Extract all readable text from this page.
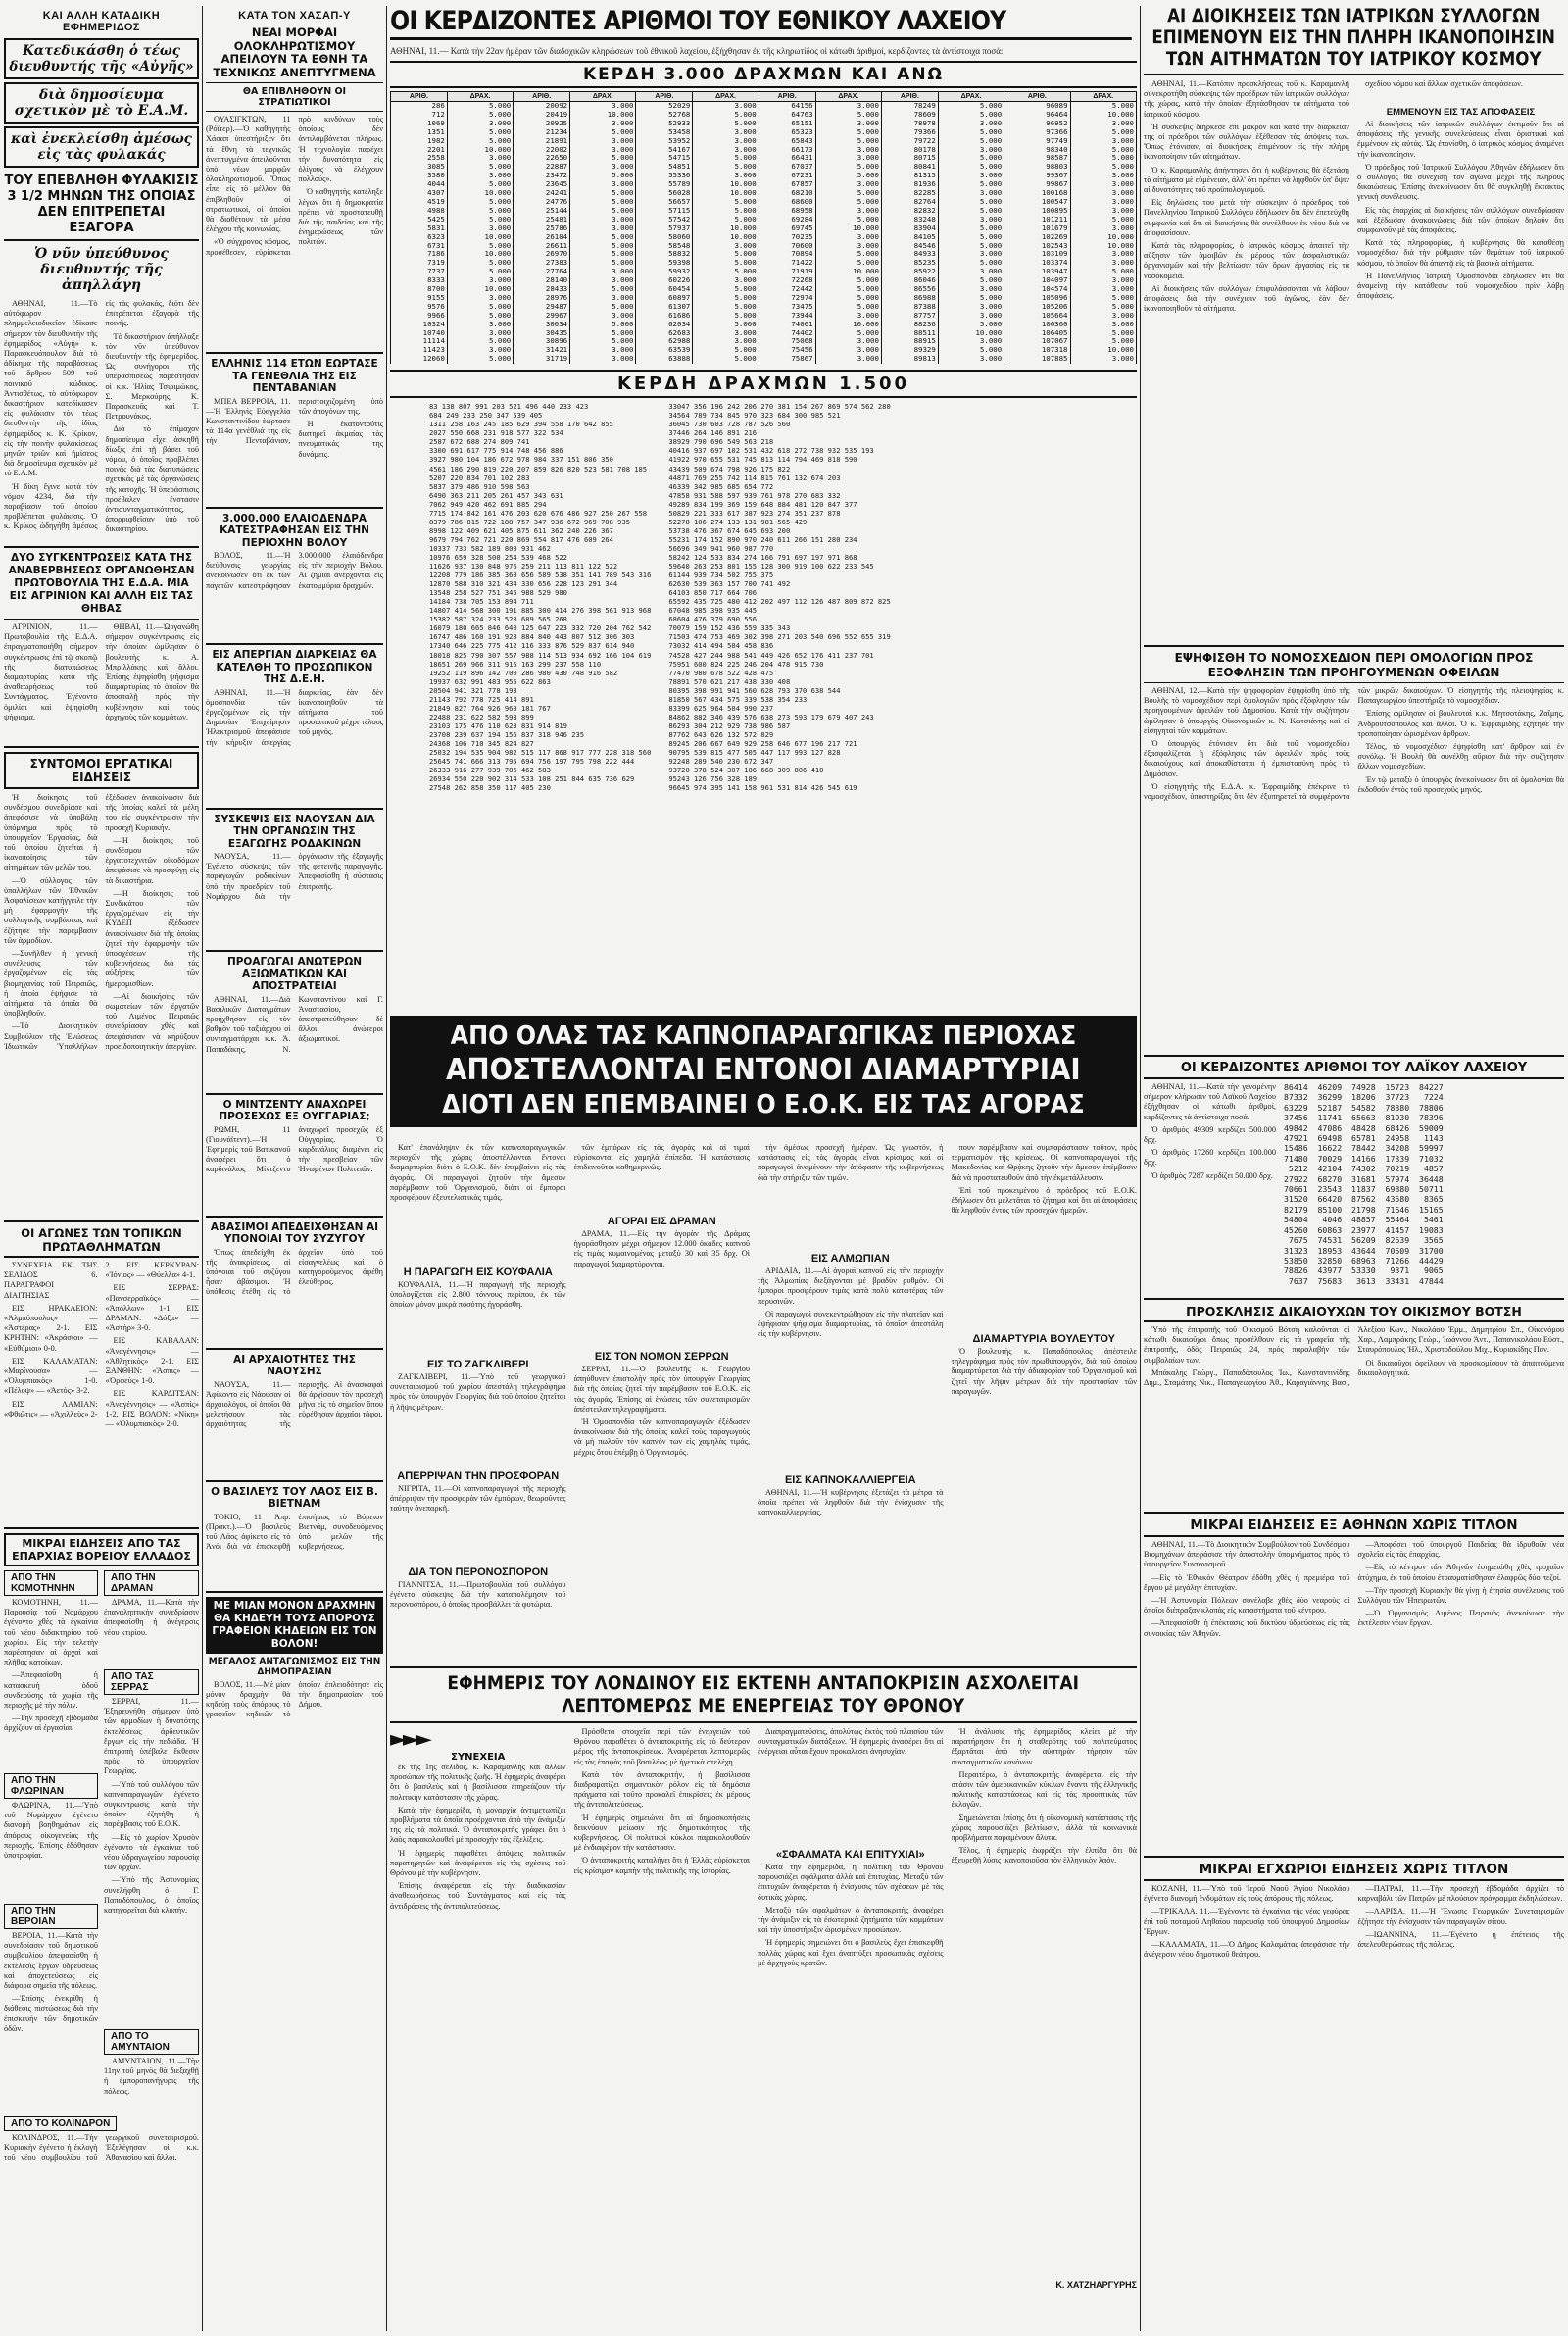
ΚΑΙ ΑΛΛΗ ΚΑΤΑΔΙΚΗ ΕΦΗΜΕΡΙΔΟΣ
Κατεδικάσθη ὁ τέως διευθυντής τῆς «Αὐγῆς»
διὰ δημοσίευμα σχετικὸν μὲ τὸ Ε.Α.Μ.
καὶ ἐνεκλείσθη ἀμέσως εἰς τὰς φυλακάς
ΤΟΥ ΕΠΕΒΛΗΘΗ ΦΥΛΑΚΙΣΙΣ 3 1/2 ΜΗΝΩΝ ΤΗΣ ΟΠΟΙΑΣ ΔΕΝ ΕΠΙΤΡΕΠΕΤΑΙ ΕΞΑΓΟΡΑ
Ὁ νῦν ὑπεύθυνος διευθυντής τῆς ἀπηλλάγη

ΑΘΗΝΑΙ, 11.—Τὸ αὐτόφωρον πλημμελειοδικεῖον ἐδίκασε σήμερον τὸν διευθυντὴν τῆς ἐφημερίδος «Αὐγή» κ. Παρασκευόπουλον διὰ τὸ ἀδίκημα τῆς παραβάσεως τοῦ ἄρθρου 509 τοῦ ποινικοῦ κώδικος. Ἀντισθέτως, τὸ αὐτόφωρον δικαστήριον κατεδίκασεν εἰς φυλάκισιν τὸν τέως διευθυντὴν τῆς ἰδίας ἐφημερίδος κ. Κ. Κρίκον, εἰς τὴν ποινὴν φυλακίσεως μηνῶν τριῶν καὶ ἡμίσεος διὰ δημοσίευμα σχετικὸν μὲ τὸ Ε.Α.Μ.

Ἡ δίκη ἔγινε κατὰ τὸν νόμον 4234, διὰ τὴν παραβίασιν τοῦ ὁποίου προβλέπεται φυλάκισις. Ὁ κ. Κρίκος ὡδηγήθη ἀμέσως εἰς τὰς φυλακάς, διότι δὲν ἐπιτρέπεται ἐξαγορὰ τῆς ποινῆς.

Τὸ δικαστήριον ἀπήλλαξε τὸν νῦν ὑπεύθυνον διευθυντὴν τῆς ἐφημερίδος. Ὡς συνήγοροι τῆς ὑπερασπίσεως παρέστησαν οἱ κ.κ. Ἠλίας Τσιριμώκος, Σ. Μερκούρης, Κ. Παρασκευᾶς καὶ Τ. Πετρουνάκος.

Διὰ τὸ ἐπίμαχον δημοσίευμα εἶχε ἀσκηθῆ δίωξις ἐπὶ τῇ βάσει τοῦ νόμου, ὁ ὁποῖος προβλέπει ποινὰς διὰ τὰς διατυπώσεις σχετικὰς μὲ τὰς ὀργανώσεις τῆς κατοχῆς. Ἡ ὑπεράσπισις προέβαλεν ἔνστασιν ἀντισυνταγματικότητος, ἀπορριφθεῖσαν ὑπὸ τοῦ δικαστηρίου.

ΔΥΟ ΣΥΓΚΕΝΤΡΩΣΕΙΣ ΚΑΤΑ ΤΗΣ ΑΝΑΒΕΡΒΗΣΕΩΣ ΟΡΓΑΝΩΘΗΣΑΝ ΠΡΩΤΟΒΟΥΛΙΑ ΤΗΣ Ε.Δ.Α. ΜΙΑ ΕΙΣ ΑΓΡΙΝΙΟΝ ΚΑΙ ΑΛΛΗ ΕΙΣ ΤΑΣ ΘΗΒΑΣ

ΑΓΡΙΝΙΟΝ, 11.—Πρωτοβουλία τῆς Ε.Δ.Α. ἐπραγματοποιήθη σήμερον συγκέντρωσις ἐπὶ τῷ σκοπῷ τῆς διατυπώσεως διαμαρτυρίας κατὰ τῆς ἀναθεωρήσεως τοῦ Συντάγματος. Ἐγένοντο ὁμιλίαι καὶ ἐψηφίσθη ψήφισμα.

ΘΗΒΑΙ, 11.—Ὠργανώθη σήμερον συγκέντρωσις εἰς τὴν ὁποίαν ὡμίλησαν ὁ βουλευτὴς κ. Α. Μπριλλάκης καὶ ἄλλοι. Ἐπίσης ἐψηφίσθη ψήφισμα διαμαρτυρίας τὸ ὁποῖον θὰ ἀποσταλῇ πρὸς τὴν κυβέρνησιν καὶ τοὺς ἀρχηγοὺς τῶν κομμάτων.

ΣΥΝΤΟΜΟΙ ΕΡΓΑΤΙΚΑΙ ΕΙΔΗΣΕΙΣ

Ἡ διοίκησις τοῦ συνδέσμου συνεδρίασε καὶ ἀπεφάσισε νὰ ὑποβάλῃ ὑπόμνημα πρὸς τὸ ὑπουργεῖον Ἐργασίας, διὰ τοῦ ὁποίου ζητεῖται ἡ ἱκανοποίησις τῶν αἰτημάτων τῶν μελῶν του.

—Ὁ σύλλογος τῶν ὑπαλλήλων τῶν Ἐθνικῶν Ἀσφαλίσεων κατήγγειλε τὴν μὴ ἐφαρμογὴν τῆς συλλογικῆς συμβάσεως καὶ ἐζήτησε τὴν παρέμβασιν τῶν ἁρμοδίων.

—Συνῆλθεν ἡ γενικὴ συνέλευσις τῶν ἐργαζομένων εἰς τὰς βιομηχανίας τοῦ Πειραιῶς, ἡ ὁποία ἐψήφισε τὰ αἰτήματα τὰ ὁποῖα θὰ ὑποβληθοῦν.

—Τὸ Διοικητικὸν Συμβούλιον τῆς Ἑνώσεως Ἰδιωτικῶν Ὑπαλλήλων ἐξέδωσεν ἀνακοίνωσιν διὰ τῆς ὁποίας καλεῖ τὰ μέλη του εἰς συγκέντρωσιν τὴν προσεχῆ Κυριακήν.

—Ἡ διοίκησις τοῦ συνδέσμου τῶν ἐργατοτεχνιτῶν οἰκοδόμων ἀπεφάσισε νὰ προσφύγῃ εἰς τὰ δικαστήρια.

—Ἡ διοίκησις τοῦ Συνδικάτου τῶν ἐργαζομένων εἰς τὴν ΚΥΔΕΠ ἐξέδωσεν ἀνακοίνωσιν διὰ τῆς ὁποίας ζητεῖ τὴν ἐφαρμογὴν τῶν ὑποσχέσεων τῆς κυβερνήσεως διὰ τὰς αὐξήσεις τῶν ἡμερομισθίων.

—Αἱ διοικήσεις τῶν σωματείων τῶν ἐργατῶν τοῦ Λιμένος Πειραιῶς συνεδρίασαν χθὲς καὶ ἀπεφάσισαν νὰ κηρύξουν προειδοποιητικὴν ἀπεργίαν.

ΟΙ ΑΓΩΝΕΣ ΤΩΝ ΤΟΠΙΚΩΝ ΠΡΩΤΑΘΛΗΜΑΤΩΝ

ΣΥΝΕΧΕΙΑ ΕΚ ΤΗΣ ΣΕΛΙΔΟΣ 6. ΠΑΡΑΓΡΑΦΟΙ ΔΙΑΙΤΗΣΙΑΣ

ΕΙΣ ΗΡΑΚΛΕΙΟΝ: «Ἀλμπόπουλος» — «Ἀστέρας» 2-1. ΕΙΣ ΚΡΗΤΗΝ: «Ἀκράσιοι» — «Εὐθύμιοι» 0-0.

ΕΙΣ ΚΑΛΑΜΑΤΑΝ: «Μαρίνουσα» — «Ὀλυμπιακὸς» 1-0. «Πέλοψ» — «Ἀετός» 3-2.

ΕΙΣ ΛΑΜΙΑΝ: «Φθιῶτις» — «Ἀχιλλεὺς» 2-2. ΕΙΣ ΚΕΡΚΥΡΑΝ: «Ἰόνιος» — «Θύελλα» 4-1.

ΕΙΣ ΣΕΡΡΑΣ: «Πανσερραϊκὸς» — «Ἀπόλλων» 1-1. ΕΙΣ ΔΡΑΜΑΝ: «Δόξα» — «Ἀστὴρ» 3-0.

ΕΙΣ ΚΑΒΑΛΑΝ: «Ἀναγέννησις» — «Ἀθλητικὸς» 2-1. ΕΙΣ ΞΑΝΘΗΝ: «Ἄσπις» — «Ὀρφεὺς» 1-0.

ΕΙΣ ΚΑΡΔΙΤΣΑΝ: «Ἀναγέννησις» — «Ἀσπίς» 1-2. ΕΙΣ ΒΟΛΟΝ: «Νίκη» — «Ὀλυμπιακὸς» 2-0.

ΜΙΚΡΑΙ ΕΙΔΗΣΕΙΣ ΑΠΟ ΤΑΣ ΕΠΑΡΧΙΑΣ ΒΟΡΕΙΟΥ ΕΛΛΑΔΟΣ
ΑΠΟ ΤΗΝ ΚΟΜΟΤΗΝΗΝ

ΚΟΜΟΤΗΝΗ, 11.—Παρουσίᾳ τοῦ Νομάρχου ἐγένοντο χθὲς τὰ ἐγκαίνια τοῦ νέου διδακτηρίου τοῦ χωρίου. Εἰς τὴν τελετὴν παρέστησαν αἱ ἀρχαὶ καὶ πλῆθος κατοίκων.

—Ἀπεφασίσθη ἡ κατασκευὴ ὁδοῦ συνδεούσης τὰ χωρία τῆς περιοχῆς μὲ τὴν πόλιν.

—Τὴν προσεχῆ ἑβδομάδα ἀρχίζουν αἱ ἐργασίαι.

ΑΠΟ ΤΗΝ ΦΛΩΡΙΝΑΝ

ΦΛΩΡΙΝΑ, 11.—Ὑπὸ τοῦ Νομάρχου ἐγένετο διανομὴ βοηθημάτων εἰς ἀπόρους οἰκογενείας τῆς περιοχῆς. Ἐπίσης ἐδόθησαν ὑποτροφίαι.

ΑΠΟ ΤΗΝ ΒΕΡΟΙΑΝ

ΒΕΡΟΙΑ, 11.—Κατὰ τὴν συνεδρίασιν τοῦ δημοτικοῦ συμβουλίου ἀπεφασίσθη ἡ ἐκτέλεσις ἔργων ὑδρεύσεως καὶ ἀποχετεύσεως εἰς διάφορα σημεῖα τῆς πόλεως.

—Ἐπίσης ἐνεκρίθη ἡ διάθεσις πιστώσεως διὰ τὴν ἐπισκευὴν τῶν δημοτικῶν ὁδῶν.

ΑΠΟ ΤΗΝ ΔΡΑΜΑΝ

ΔΡΑΜΑ, 11.—Κατὰ τὴν ἐπαναληπτικὴν συνεδρίασιν ἀπεφασίσθη ἡ ἀνέγερσις νέου κτιρίου.

ΑΠΟ ΤΑΣ ΣΕΡΡΑΣ

ΣΕΡΡΑΙ, 11.—Ἐξηρευνήθη σήμερον ὑπὸ τῶν ἁρμοδίων ἡ δυνατότης ἐκτελέσεως ἀρδευτικῶν ἔργων εἰς τὴν πεδιάδα. Ἡ ἐπιτροπὴ ὑπέβαλε ἔκθεσιν πρὸς τὸ ὑπουργεῖον Γεωργίας.

—Ὑπὸ τοῦ συλλόγου τῶν καπνοπαραγωγῶν ἐγένετο συγκέντρωσις κατὰ τὴν ὁποίαν ἐζητήθη ἡ παρέμβασις τοῦ Ε.Ο.Κ.

—Εἰς τὸ χωρίον Χρυσὸν ἐγένοντο τὰ ἐγκαίνια τοῦ νέου ὑδραγωγείου παρουσίᾳ τῶν ἀρχῶν.

—Ὑπὸ τῆς Ἀστυνομίας συνελήφθη ὁ Γ. Παπαδόπουλος, ὁ ὁποῖος κατηγορεῖται διὰ κλοπήν.

ΑΠΟ ΤΟ ΑΜΥΝΤΑΙΟΝ

ΑΜΥΝΤΑΙΟΝ, 11.—Τὴν 11ην τοῦ μηνὸς θὰ διεξαχθῇ ἡ ἐμποροπανήγυρις τῆς πόλεως.

ΑΠΟ ΤΟ ΚΟΛΙΝΔΡΟΝ

ΚΟΛΙΝΔΡΟΣ, 11.—Τὴν Κυριακὴν ἐγένετο ἡ ἐκλογὴ τοῦ νέου συμβουλίου τοῦ γεωργικοῦ συνεταιρισμοῦ. Ἐξελέγησαν οἱ κ.κ. Ἀθανασίου καὶ ἄλλοι.

ΚΑΤΑ ΤΟΝ ΧΑΣΑΠ-Υ
ΝΕΑΙ ΜΟΡΦΑΙ ΟΛΟΚΛΗΡΩΤΙΣΜΟΥ ΑΠΕΙΛΟΥΝ ΤΑ ΕΘΝΗ ΤΑ ΤΕΧΝΙΚΩΣ ΑΝΕΠΤΥΓΜΕΝΑ
ΘΑ ΕΠΙΒΛΗΘΟΥΝ ΟΙ ΣΤΡΑΤΙΩΤΙΚΟΙ

ΟΥΑΣΙΓΚΤΩΝ, 11 (Ρόϊτερ).—Ὁ καθηγητὴς Χάσαπ ὑπεστήριξεν ὅτι τὰ ἔθνη τὰ τεχνικῶς ἀνεπτυγμένα ἀπειλοῦνται ὑπὸ νέων μορφῶν ὁλοκληρωτισμοῦ. Ὅπως εἶπε, εἰς τὸ μέλλον θὰ ἐπιβληθοῦν οἱ στρατιωτικοί, οἱ ὁποῖοι θὰ διαθέτουν τὰ μέσα ἐλέγχου τῆς κοινωνίας.

«Ὁ σύγχρονος κόσμος, προσέθεσεν, εὑρίσκεται πρὸ κινδύνων τοὺς ὁποίους δὲν ἀντιλαμβάνεται πλήρως. Ἡ τεχνολογία παρέχει τὴν δυνατότητα εἰς ὀλίγους νὰ ἐλέγχουν πολλούς».

Ὁ καθηγητὴς κατέληξε λέγων ὅτι ἡ δημοκρατία πρέπει νὰ προστατευθῇ διὰ τῆς παιδείας καὶ τῆς ἐνημερώσεως τῶν πολιτῶν.

ΕΛΛΗΝΙΣ 114 ΕΤΩΝ ΕΩΡΤΑΣΕ ΤΑ ΓΕΝΕΘΛΙΑ ΤΗΣ ΕΙΣ ΠΕΝΤΑΒΑΝΙΑΝ

ΜΠΕΑ ΒΕΡΡΟΙΑ, 11.—Ἡ Ἑλληνὶς Εὐαγγελία Κωνσταντινίδου ἑώρτασε τὰ 114α γενέθλιά της εἰς τὴν Πενταβάνιαν, περιστοιχιζομένη ὑπὸ τῶν ἀπογόνων της.

Ἡ ἑκατοντούτις διατηρεῖ ἀκμαίας τὰς πνευματικάς της δυνάμεις.

3.000.000 ΕΛΑΙΟΔΕΝΔΡΑ ΚΑΤΕΣΤΡΑΦΗΣΑΝ ΕΙΣ ΤΗΝ ΠΕΡΙΟΧΗΝ ΒΟΛΟΥ

ΒΟΛΟΣ, 11.—Ἡ διεύθυνσις γεωργίας ἀνεκοίνωσεν ὅτι ἐκ τῶν παγετῶν κατεστράφησαν 3.000.000 ἐλαιόδενδρα εἰς τὴν περιοχὴν Βόλου. Αἱ ζημίαι ἀνέρχονται εἰς ἑκατομμύρια δραχμῶν.

ΕΙΣ ΑΠΕΡΓΙΑΝ ΔΙΑΡΚΕΙΑΣ ΘΑ ΚΑΤΕΛΘΗ ΤΟ ΠΡΟΣΩΠΙΚΟΝ ΤΗΣ Δ.Ε.Η.

ΑΘΗΝΑΙ, 11.—Ἡ ὁμοσπονδία τῶν ἐργαζομένων εἰς τὴν Δημοσίαν Ἐπιχείρησιν Ἠλεκτρισμοῦ ἀπεφάσισε τὴν κήρυξιν ἀπεργίας διαρκείας, ἐὰν δὲν ἱκανοποιηθοῦν τὰ αἰτήματα τοῦ προσωπικοῦ μέχρι τέλους τοῦ μηνός.

ΣΥΣΚΕΨΙΣ ΕΙΣ ΝΑΟΥΣΑΝ ΔΙΑ ΤΗΝ ΟΡΓΑΝΩΣΙΝ ΤΗΣ ΕΞΑΓΩΓΗΣ ΡΟΔΑΚΙΝΩΝ

ΝΑΟΥΣΑ, 11.—Ἐγένετο σύσκεψις τῶν παραγωγῶν ροδακίνων ὑπὸ τὴν προεδρίαν τοῦ Νομάρχου διὰ τὴν ὀργάνωσιν τῆς ἐξαγωγῆς τῆς φετεινῆς παραγωγῆς. Ἀπεφασίσθη ἡ σύστασις ἐπιτροπῆς.

ΠΡΟΑΓΩΓΑΙ ΑΝΩΤΕΡΩΝ ΑΞΙΩΜΑΤΙΚΩΝ ΚΑΙ ΑΠΟΣΤΡΑΤΕΙΑΙ

ΑΘΗΝΑΙ, 11.—Διὰ Βασιλικῶν Διαταγμάτων προήχθησαν εἰς τὸν βαθμὸν τοῦ ταξιάρχου οἱ συνταγματάρχαι κ.κ. Ἀ. Παπαδάκης, Ν. Κωνσταντίνου καὶ Γ. Ἀναστασίου, ἀπεστρατεύθησαν δὲ ἄλλοι ἀνώτεροι ἀξιωματικοί.

Ο ΜΙΝΤΖΕΝΤΥ ΑΝΑΧΩΡΕΙ ΠΡΟΣΕΧΩΣ ΕΞ ΟΥΓΓΑΡΙΑΣ;

ΡΩΜΗ, 11 (Γιουνάϊτεντ).—Ἡ Ἐφημερὶς τοῦ Βατικανοῦ ἀναφέρει ὅτι ὁ καρδινάλιος Μίντζεντυ ἀναχωρεῖ προσεχῶς ἐξ Οὐγγαρίας. Ὁ καρδινάλιος διαμένει εἰς τὴν πρεσβείαν τῶν Ἡνωμένων Πολιτειῶν.

ΑΒΑΣΙΜΟΙ ΑΠΕΔΕΙΧΘΗΣΑΝ ΑΙ ΥΠΟΝΟΙΑΙ ΤΟΥ ΣΥΖΥΓΟΥ

Ὅπως ἀπεδείχθη ἐκ τῆς ἀνακρίσεως, αἱ ὑπόνοιαι τοῦ συζύγου ἦσαν ἀβάσιμοι. Ἡ ὑπόθεσις ἐτέθη εἰς τὸ ἀρχεῖον ὑπὸ τοῦ εἰσαγγελέως καὶ ὁ κατηγορούμενος ἀφέθη ἐλεύθερος.

ΑΙ ΑΡΧΑΙΟΤΗΤΕΣ ΤΗΣ ΝΑΟΥΣΗΣ

ΝΑΟΥΣΑ, 11.—Ἀφίκοντο εἰς Νάουσαν οἱ ἀρχαιολόγοι, οἱ ὁποῖοι θὰ μελετήσουν τὰς ἀρχαιότητας τῆς περιοχῆς. Αἱ ἀνασκαφαὶ θὰ ἀρχίσουν τὸν προσεχῆ μῆνα εἰς τὸ σημεῖον ὅπου εὑρέθησαν ἀρχαῖοι τάφοι.

Ο ΒΑΣΙΛΕΥΣ ΤΟΥ ΛΑΟΣ ΕΙΣ Β. ΒΙΕΤΝΑΜ

ΤΟΚΙΟ, 11 Ἀπρ. (Πρακτ.).—Ὁ βασιλεὺς τοῦ Λάος ἀφίκετο εἰς τὸ Ἀνόι διὰ νὰ ἐπισκεφθῇ ἐπισήμως τὸ Βόρειον Βιετνάμ, συνοδευόμενος ὑπὸ μελῶν τῆς κυβερνήσεως.

ΜΕ ΜΙΑΝ ΜΟΝΟΝ ΔΡΑΧΜΗΝ ΘΑ ΚΗΔΕΥΗ ΤΟΥΣ ΑΠΟΡΟΥΣ ΓΡΑΦΕΙΟΝ ΚΗΔΕΙΩΝ ΕΙΣ ΤΟΝ ΒΟΛΟΝ!
ΜΕΓΑΛΟΣ ΑΝΤΑΓΩΝΙΣΜΟΣ ΕΙΣ ΤΗΝ ΔΗΜΟΠΡΑΣΙΑΝ

ΒΟΛΟΣ, 11.—Μὲ μίαν μόνον δραχμὴν θὰ κηδεύῃ τοὺς ἀπόρους τὸ γραφεῖον κηδειῶν τὸ ὁποῖον ἐπλειοδότησε εἰς τὴν δημοπρασίαν τοῦ Δήμου.

ΟΙ ΚΕΡΔΙΖΟΝΤΕΣ ΑΡΙΘΜΟΙ ΤΟΥ ΕΘΝΙΚΟΥ ΛΑΧΕΙΟΥ
ΑΘΗΝΑΙ, 11.— Κατὰ τὴν 22αν ἡμέραν τῶν διαδοχικῶν κληρώσεων τοῦ ἐθνικοῦ λαχείου, ἐξήχθησαν ἐκ τῆς κληρωτίδος οἱ κάτωθι ἀριθμοί, κερδίζοντες τὰ ἀντίστοιχα ποσά:
ΚΕΡΔΗ 3.000 ΔΡΑΧΜΩΝ ΚΑΙ ΑΝΩ
ΑΡΙΘ.	ΔΡΑΧ.	ΑΡΙΘ.	ΔΡΑΧ.	ΑΡΙΘ.	ΔΡΑΧ.	ΑΡΙΘ.	ΔΡΑΧ.	ΑΡΙΘ.	ΔΡΑΧ.	ΑΡΙΘ.	ΔΡΑΧ.
286	5.000	20092	3.000	52029	3.000	64156	3.000	78249	5.000	96089	5.000
712	5.000	20419	10.000	52768	5.000	64763	5.000	78609	5.000	96464	10.000
1069	3.000	20925	3.000	52933	5.000	65151	3.000	78978	3.000	96952	3.000
1351	5.000	21234	5.000	53458	3.000	65323	5.000	79366	5.000	97366	5.000
1982	5.000	21891	3.000	53952	3.000	65843	5.000	79722	5.000	97749	3.000
2201	10.000	22002	3.000	54167	3.000	66173	3.000	80178	3.000	98340	5.000
2558	3.000	22650	5.000	54715	5.000	66431	3.000	80715	5.000	98587	5.000
3085	5.000	22887	3.000	54851	5.000	67037	5.000	80841	5.000	98803	5.000
3580	3.000	23472	5.000	55336	3.000	67231	5.000	81315	3.000	99367	3.000
4044	5.000	23645	3.000	55789	10.000	67857	3.000	81936	5.000	99867	3.000
4307	10.000	24241	5.000	56028	10.000	68210	5.000	82285	3.000	100168	3.000
4519	5.000	24776	5.000	56657	5.000	68600	5.000	82764	5.000	100547	3.000
4988	5.000	25144	5.000	57115	5.000	68958	3.000	82832	5.000	100895	3.000
5425	5.000	25481	3.000	57542	5.000	69284	5.000	83248	3.000	101211	5.000
5831	3.000	25786	3.000	57937	10.000	69745	10.000	83904	5.000	101679	3.000
6323	10.000	26104	5.000	58060	10.000	70235	3.000	84105	5.000	102269	10.000
6731	5.000	26611	5.000	58548	3.000	70600	3.000	84546	5.000	102543	10.000
7186	10.000	26970	5.000	58832	5.000	70894	5.000	84933	3.000	103109	3.000
7319	5.000	27383	5.000	59398	5.000	71422	5.000	85235	5.000	103374	3.000
7737	5.000	27764	3.000	59932	5.000	71919	10.000	85922	3.000	103947	5.000
8333	3.000	28140	3.000	60226	3.000	72268	5.000	86046	5.000	104097	3.000
8700	10.000	28433	5.000	60454	5.000	72442	5.000	86556	3.000	104574	3.000
9155	3.000	28976	3.000	60897	5.000	72974	5.000	86988	5.000	105096	5.000
9576	5.000	29487	5.000	61307	5.000	73475	5.000	87388	3.000	105206	5.000
9966	5.000	29967	3.000	61686	5.000	73944	3.000	87757	3.000	105664	3.000
10324	3.000	30034	5.000	62034	5.000	74001	10.000	88236	5.000	106360	3.000
10740	3.000	30435	5.000	62683	3.000	74402	5.000	88511	10.000	106405	5.000
11114	5.000	30896	5.000	62988	3.000	75068	3.000	88915	3.000	107067	5.000
11423	3.000	31421	3.000	63539	5.000	75456	3.000	89329	5.000	107318	10.000
12060	5.000	31719	3.000	63888	5.000	75867	3.000	89813	3.000	107885	3.000
ΚΕΡΔΗ ΔΡΑΧΜΩΝ 1.500
83 138 807 991 203 521 496 440 233 423
684 249 233 250 347 539 405
1311 258 163 245 185 629 394 558 170 642 855
2027 550 668 231 918 577 322 534
2587 672 688 274 809 741
3300 691 617 775 914 748 456 886
3927 980 104 186 672 978 984 337 151 806 350
4561 186 290 819 220 207 859 826 820 523 581 708 185
5207 220 834 701 102 283
5837 379 486 910 598 563
6490 363 211 205 261 457 343 631
7062 949 420 462 691 885 294
7715 174 842 161 476 203 620 676 486 927 250 267 558
8379 786 815 722 188 757 347 936 672 969 708 935
8998 122 409 621 405 875 611 362 240 226 367
9679 794 762 721 220 869 554 817 476 609 264
10337 733 582 189 800 931 462
10976 659 328 500 254 539 468 522
11626 937 130 848 976 259 211 113 811 122 522
12208 779 186 385 360 656 589 538 351 141 789 543 316
12870 588 310 321 434 330 656 228 123 291 344
13548 258 527 751 345 988 529 980
14184 738 705 153 894 711
14807 414 568 300 191 885 300 414 276 398 561 913 968
15382 587 324 233 528 689 565 268
16079 180 665 846 640 125 647 223 332 720 204 762 542
16747 486 160 191 928 884 840 443 807 512 306 303
17340 646 225 775 412 116 333 876 529 837 614 940
18018 825 790 307 557 988 114 513 934 692 166 104 619
18651 269 966 311 916 163 299 237 558 110
19252 119 896 142 700 286 980 430 748 916 582
19937 632 991 483 955 622 863
20504 941 321 778 193
21143 792 778 725 414 891
21849 827 764 926 960 181 767
22488 231 622 582 593 899
23103 175 476 110 623 831 914 819
23708 239 637 194 156 837 318 946 235
24368 106 710 345 824 827
25032 194 535 904 982 515 117 868 917 777 228 318 560
25645 741 666 313 795 694 756 197 795 798 222 444
26333 916 277 939 786 462 583
26934 550 220 902 314 533 108 251 844 635 736 629
27548 262 858 350 117 405 230

33047 356 196 242 206 270 381 154 267 869 574 562 280
34564 789 734 845 970 323 684 300 985 521
36045 730 603 728 787 526 560
37446 264 146 891 216
38929 790 696 549 563 218
40416 937 697 102 531 432 618 272 738 932 535 193
41922 970 655 531 745 813 114 794 469 818 590
43439 509 674 798 926 175 822
44871 769 255 742 114 815 761 132 674 203
46339 342 985 685 654 772
47858 931 588 597 939 761 978 270 683 332
49289 834 199 369 159 648 884 481 120 847 377
50829 221 333 617 387 923 274 351 237 878
52278 106 274 133 131 981 565 429
53738 476 367 674 645 693 200
55231 174 152 890 970 240 611 266 151 280 234
56696 349 941 960 987 770
58242 124 533 834 274 166 791 697 197 971 868
59640 263 253 801 155 128 300 919 100 622 233 545
61144 939 734 502 755 375
62630 539 363 157 700 741 492
64103 850 717 664 706
65592 435 725 480 412 202 497 112 126 487 809 872 825
67048 985 398 935 445
68604 476 379 690 556
70079 159 152 436 559 335 343
71503 474 753 469 302 398 271 203 540 696 552 655 319
73032 414 494 504 458 836
74528 427 244 988 541 449 426 652 176 411 237 701
75951 600 824 225 246 204 478 915 730
77470 980 678 522 428 475
78891 570 621 217 438 330 408
80395 398 991 941 560 628 793 370 638 544
81850 567 434 575 339 538 354 233
83399 625 964 504 990 237
84862 882 346 439 576 638 273 593 179 679 407 243
86293 304 212 929 738 986 587
87762 643 626 132 572 829
89245 206 667 649 929 258 646 677 196 217 721
90795 539 815 477 505 447 117 993 127 828
92248 289 540 230 672 347
93720 378 524 307 106 668 309 806 410
95243 126 756 328 189
96645 974 395 141 158 961 531 814 426 545 619

ΑΠΟ ΟΛΑΣ ΤΑΣ ΚΑΠΝΟΠΑΡΑΓΩΓΙΚΑΣ ΠΕΡΙΟΧΑΣ
ΑΠΟΣΤΕΛΛΟΝΤΑΙ ΕΝΤΟΝΟΙ ΔΙΑΜΑΡΤΥΡΙΑΙ
ΔΙΟΤΙ ΔΕΝ ΕΠΕΜΒΑΙΝΕΙ Ο Ε.Ο.Κ. ΕΙΣ ΤΑΣ ΑΓΟΡΑΣ

Κατ' ἐπανάληψιν ἐκ τῶν καπνοπαραγωγικῶν περιοχῶν τῆς χώρας ἀποστέλλονται ἔντονοι διαμαρτυρίαι διότι ὁ Ε.Ο.Κ. δὲν ἐπεμβαίνει εἰς τὰς ἀγοράς. Οἱ παραγωγοὶ ζητοῦν τὴν ἄμεσον παρέμβασιν τοῦ Ὀργανισμοῦ, διότι οἱ ἔμποροι προσφέρουν ἐξευτελιστικὰς τιμάς.

Η ΠΑΡΑΓΩΓΗ ΕΙΣ ΚΟΥΦΑΛΙΑ

ΚΟΥΦΑΛΙΑ, 11.—Ἡ παραγωγὴ τῆς περιοχῆς ὑπολογίζεται εἰς 2.800 τόννους περίπου, ἐκ τῶν ὁποίων μόνον μικρὰ ποσότης ἠγοράσθη.

ΕΙΣ ΤΟ ΖΑΓΚΛΙΒΕΡΙ

ΖΑΓΚΛΙΒΕΡΙ, 11.—Ὑπὸ τοῦ γεωργικοῦ συνεταιρισμοῦ τοῦ χωρίου ἀπεστάλη τηλεγράφημα πρὸς τὸν ὑπουργὸν Γεωργίας διὰ τοῦ ὁποίου ζητεῖται ἡ λῆψις μέτρων.

ΑΠΕΡΡΙΨΑΝ ΤΗΝ ΠΡΟΣΦΟΡΑΝ

ΝΙΓΡΙΤΑ, 11.—Οἱ καπνοπαραγωγοὶ τῆς περιοχῆς ἀπέρριψαν τὴν προσφορὰν τῶν ἐμπόρων, θεωροῦντες ταύτην ἀνεπαρκῆ.

ΔΙΑ ΤΟΝ ΠΕΡΟΝΟΣΠΟΡΟΝ

ΓΙΑΝΝΙΤΣΑ, 11.—Πρωτοβουλία τοῦ συλλόγου ἐγένετο σύσκεψις διὰ τὴν καταπολέμησιν τοῦ περονοσπόρου, ὁ ὁποῖος προσβάλλει τὰ φυτώρια.

τῶν ἐμπόρων εἰς τὰς ἀγορὰς καὶ αἱ τιμαὶ εὑρίσκονται εἰς χαμηλὰ ἐπίπεδα. Ἡ κατάστασις ἐπιδεινοῦται καθημερινῶς.

ΑΓΟΡΑΙ ΕΙΣ ΔΡΑΜΑΝ

ΔΡΑΜΑ, 11.—Εἰς τὴν ἀγορὰν τῆς Δράμας ἠγοράσθησαν μέχρι σήμερον 12.000 ὀκάδες καπνοῦ εἰς τιμὰς κυμαινομένας μεταξὺ 30 καὶ 35 δρχ. Οἱ παραγωγοὶ διαμαρτύρονται.

ΕΙΣ ΤΟΝ ΝΟΜΟΝ ΣΕΡΡΩΝ

ΣΕΡΡΑΙ, 11.—Ὁ βουλευτὴς κ. Γεωργίου ἀπηύθυνεν ἐπιστολὴν πρὸς τὸν ὑπουργὸν Γεωργίας διὰ τῆς ὁποίας ζητεῖ τὴν παρέμβασιν τοῦ Ε.Ο.Κ. εἰς τὰς ἀγοράς. Ἐπίσης αἱ ἑνώσεις τῶν συνεταιρισμῶν ἀπέστειλαν τηλεγραφήματα.

Ἡ Ὁμοσπονδία τῶν καπνοπαραγωγῶν ἐξέδωσεν ἀνακοίνωσιν διὰ τῆς ὁποίας καλεῖ τοὺς παραγωγοὺς νὰ μὴ πωλοῦν τὸν καπνόν των εἰς χαμηλὰς τιμάς, μέχρις ὅτου ἐπέμβῃ ὁ Ὀργανισμός.

τὴν ἀμέσως προσεχῆ ἡμέραν. Ὡς γνωστόν, ἡ κατάστασις εἰς τὰς ἀγορὰς εἶναι κρίσιμος καὶ οἱ παραγωγοὶ ἀναμένουν τὴν ἀπόφασιν τῆς κυβερνήσεως διὰ τὴν στήριξιν τῶν τιμῶν.

ΕΙΣ ΑΛΜΩΠΙΑΝ

ΑΡΙΔΑΙΑ, 11.—Αἱ ἀγοραὶ καπνοῦ εἰς τὴν περιοχὴν τῆς Ἀλμωπίας διεξάγονται μὲ βραδὺν ρυθμόν. Οἱ ἔμποροι προσφέρουν τιμὰς κατὰ πολὺ κατωτέρας τῶν περυσινῶν.

Οἱ παραγωγοὶ συνεκεντρώθησαν εἰς τὴν πλατεῖαν καὶ ἐψήφισαν ψήφισμα διαμαρτυρίας, τὸ ὁποῖον ἀπεστάλη εἰς τὴν κυβέρνησιν.

ΕΙΣ ΚΑΠΝΟΚΑΛΛΙΕΡΓΕΙΑ

ΑΘΗΝΑΙ, 11.—Ἡ κυβέρνησις ἐξετάζει τὰ μέτρα τὰ ὁποῖα πρέπει νὰ ληφθοῦν διὰ τὴν ἐνίσχυσιν τῆς καπνοκαλλιεργείας.

πουν παρέμβασιν καὶ συμπαράστασιν τοῦτον, πρὸς τερματισμὸν τῆς κρίσεως. Οἱ καπνοπαραγωγοὶ τῆς Μακεδονίας καὶ Θρᾴκης ζητοῦν τὴν ἄμεσον ἐπέμβασιν διὰ νὰ προστατευθοῦν ἀπὸ τὴν ἐκμετάλλευσιν.

Ἐπὶ τοῦ προκειμένου ὁ πρόεδρος τοῦ Ε.Ο.Κ. ἐδήλωσεν ὅτι μελετᾶται τὸ ζήτημα καὶ ὅτι αἱ ἀποφάσεις θὰ ληφθοῦν ἐντὸς τῶν προσεχῶν ἡμερῶν.

ΔΙΑΜΑΡΤΥΡΙΑ ΒΟΥΛΕΥΤΟΥ

Ὁ βουλευτὴς κ. Παπαδόπουλος ἀπέστειλε τηλεγράφημα πρὸς τὸν πρωθυπουργόν, διὰ τοῦ ὁποίου διαμαρτύρεται διὰ τὴν ἀδιαφορίαν τοῦ Ὀργανισμοῦ καὶ ζητεῖ τὴν λῆψιν μέτρων διὰ τὴν προστασίαν τῶν παραγωγῶν.

ΕΦΗΜΕΡΙΣ ΤΟΥ ΛΟΝΔΙΝΟΥ ΕΙΣ ΕΚΤΕΝΗ ΑΝΤΑΠΟΚΡΙΣΙΝ ΑΣΧΟΛΕΙΤΑΙ ΛΕΠΤΟΜΕΡΩΣ ΜΕ ΕΝΕΡΓΕΙΑΣ ΤΟΥ ΘΡΟΝΟΥ
►►►
ΣΥΝΕΧΕΙΑ

ἐκ τῆς 1ης σελίδος, κ. Καραμανλής καὶ ἄλλων προσώπων τῆς πολιτικῆς ζωῆς. Ἡ ἐφημερὶς ἀναφέρει ὅτι ὁ βασιλεὺς καὶ ἡ βασίλισσα ἐπηρεάζουν τὴν πολιτικὴν κατάστασιν τῆς χώρας.

Κατὰ τὴν ἐφημερίδα, ἡ μοναρχία ἀντιμετωπίζει προβλήματα τὰ ὁποῖα προέρχονται ἀπὸ τὴν ἀνάμιξίν της εἰς τὰ πολιτικά. Ὁ ἀνταποκριτὴς γράφει ὅτι ὁ λαὸς παρακολουθεῖ μὲ προσοχὴν τὰς ἐξελίξεις.

Ἡ ἐφημερὶς παραθέτει ἀπόψεις πολιτικῶν παρατηρητῶν καὶ ἀναφέρεται εἰς τὰς σχέσεις τοῦ Θρόνου μὲ τὴν κυβέρνησιν.

Ἐπίσης ἀναφέρεται εἰς τὴν διαδικασίαν ἀναθεωρήσεως τοῦ Συντάγματος καὶ εἰς τὰς ἀντιδράσεις τῆς ἀντιπολιτεύσεως.

Πρόσθετα στοιχεῖα περὶ τῶν ἐνεργειῶν τοῦ Θρόνου παραθέτει ὁ ἀνταποκριτὴς εἰς τὸ δεύτερον μέρος τῆς ἀνταποκρίσεως. Ἀναφέρεται λεπτομερῶς εἰς τὰς ἐπαφὰς τοῦ βασιλέως μὲ ἡγετικὰ στελέχη.

Κατὰ τὸν ἀνταποκριτήν, ἡ βασίλισσα διαδραματίζει σημαντικὸν ρόλον εἰς τὰ δημόσια πράγματα καὶ τοῦτο προκαλεῖ ἐπικρίσεις ἐκ μέρους τῆς ἀντιπολιτεύσεως.

Ἡ ἐφημερὶς σημειώνει ὅτι αἱ δημοσκοπήσεις δεικνύουν μείωσιν τῆς δημοτικότητος τῆς κυβερνήσεως. Οἱ πολιτικοὶ κύκλοι παρακολουθοῦν μὲ ἐνδιαφέρον τὴν κατάστασιν.

Ὁ ἀνταποκριτὴς καταλήγει ὅτι ἡ Ἑλλὰς εὑρίσκεται εἰς κρίσιμον καμπὴν τῆς πολιτικῆς της ἱστορίας.

Διαπραγματεύσεις, ἀπολύτως ἐκτὸς τοῦ πλαισίου τῶν συνταγματικῶν διατάξεων. Ἡ ἐφημερὶς ἀναφέρει ὅτι αἱ ἐνέργειαι αὗται ἔχουν προκαλέσει ἀνησυχίαν.

«ΣΦΑΛΜΑΤΑ ΚΑΙ ΕΠΙΤΥΧΙΑΙ»

Κατὰ τὴν ἐφημερίδα, ἡ πολιτικὴ τοῦ Θρόνου παρουσιάζει σφάλματα ἀλλὰ καὶ ἐπιτυχίας. Μεταξὺ τῶν ἐπιτυχιῶν ἀναφέρεται ἡ ἐνίσχυσις τῶν σχέσεων μὲ τὰς δυτικὰς χώρας.

Μεταξὺ τῶν σφαλμάτων ὁ ἀνταποκριτὴς ἀναφέρει τὴν ἀνάμιξιν εἰς τὰ ἐσωτερικὰ ζητήματα τῶν κομμάτων καὶ τὴν ὑποστήριξιν ὡρισμένων προσώπων.

Ἡ ἐφημερὶς σημειώνει ὅτι ὁ βασιλεὺς ἔχει ἐπισκεφθῆ πολλὰς χώρας καὶ ἔχει ἀναπτύξει προσωπικὰς σχέσεις μὲ ἀρχηγοὺς κρατῶν.

Ἡ ἀνάλυσις τῆς ἐφημερίδος κλείει μὲ τὴν παρατήρησιν ὅτι ἡ σταθερότης τοῦ πολιτεύματος ἐξαρτᾶται ἀπὸ τὴν αὐστηρὰν τήρησιν τῶν συνταγματικῶν κανόνων.

Περαιτέρω, ὁ ἀνταποκριτὴς ἀναφέρεται εἰς τὴν στάσιν τῶν ἀμερικανικῶν κύκλων ἔναντι τῆς ἑλληνικῆς πολιτικῆς καταστάσεως καὶ εἰς τὰς προοπτικὰς τῶν ἐκλογῶν.

Σημειώνεται ἐπίσης ὅτι ἡ οἰκονομικὴ κατάστασις τῆς χώρας παρουσιάζει βελτίωσιν, ἀλλὰ τὰ κοινωνικὰ προβλήματα παραμένουν ἄλυτα.

Τέλος, ἡ ἐφημερὶς ἐκφράζει τὴν ἐλπίδα ὅτι θὰ ἐξευρεθῇ λύσις ἱκανοποιοῦσα τὸν ἑλληνικὸν λαόν.

Κ. ΧΑΤΖΗΑΡΓΥΡΗΣ
ΑΙ ΔΙΟΙΚΗΣΕΙΣ ΤΩΝ ΙΑΤΡΙΚΩΝ ΣΥΛΛΟΓΩΝ ΕΠΙΜΕΝΟΥΝ ΕΙΣ ΤΗΝ ΠΛΗΡΗ ΙΚΑΝΟΠΟΙΗΣΙΝ ΤΩΝ ΑΙΤΗΜΑΤΩΝ ΤΟΥ ΙΑΤΡΙΚΟΥ ΚΟΣΜΟΥ

ΑΘΗΝΑΙ, 11.—Κατόπιν προσκλήσεως τοῦ κ. Καραμανλῆ συνεκροτήθη σύσκεψις τῶν προέδρων τῶν ἰατρικῶν συλλόγων τῆς χώρας, κατὰ τὴν ὁποίαν ἐξητάσθησαν τὰ αἰτήματα τοῦ ἰατρικοῦ κόσμου.

Ἡ σύσκεψις διήρκεσε ἐπὶ μακρὸν καὶ κατὰ τὴν διάρκειάν της οἱ πρόεδροι τῶν συλλόγων ἐξέθεσαν τὰς ἀπόψεις των. Ὅπως ἐτόνισαν, αἱ διοικήσεις ἐπιμένουν εἰς τὴν πλήρη ἱκανοποίησιν τῶν αἰτημάτων.

Ὁ κ. Καραμανλὴς ἀπήντησεν ὅτι ἡ κυβέρνησις θὰ ἐξετάσῃ τὰ αἰτήματα μὲ εὐμένειαν, ἀλλ' ὅτι πρέπει νὰ ληφθοῦν ὑπ' ὄψιν αἱ δυνατότητες τοῦ προϋπολογισμοῦ.

Εἰς δηλώσεις του μετὰ τὴν σύσκεψιν ὁ πρόεδρος τοῦ Πανελληνίου Ἰατρικοῦ Συλλόγου ἐδήλωσεν ὅτι δὲν ἐπετεύχθη συμφωνία καὶ ὅτι αἱ διοικήσεις θὰ συνέλθουν ἐκ νέου διὰ νὰ ἀποφασίσουν.

Κατὰ τὰς πληροφορίας, ὁ ἰατρικὸς κόσμος ἀπαιτεῖ τὴν αὔξησιν τῶν ἀμοιβῶν ἐκ μέρους τῶν ἀσφαλιστικῶν ὀργανισμῶν καὶ τὴν βελτίωσιν τῶν ὅρων ἐργασίας εἰς τὰ νοσοκομεῖα.

Αἱ διοικήσεις τῶν συλλόγων ἐπιφυλάσσονται νὰ λάβουν ἀποφάσεις διὰ τὴν συνέχισιν τοῦ ἀγῶνος, ἐὰν δὲν ἱκανοποιηθοῦν τὰ αἰτήματα.

σχεδίου νόμου καὶ ἄλλων σχετικῶν ἀποφάσεων.

ΕΜΜΕΝΟΥΝ ΕΙΣ ΤΑΣ ΑΠΟΦΑΣΕΙΣ

Αἱ διοικήσεις τῶν ἰατρικῶν συλλόγων ἐκτιμοῦν ὅτι αἱ ἀποφάσεις τῆς γενικῆς συνελεύσεως εἶναι ὁριστικαὶ καὶ ἐμμένουν εἰς αὐτάς. Ὡς ἐτονίσθη, ὁ ἰατρικὸς κόσμος ἀναμένει τὴν ἱκανοποίησιν.

Ὁ πρόεδρος τοῦ Ἰατρικοῦ Συλλόγου Ἀθηνῶν ἐδήλωσεν ὅτι ὁ σύλλογος θὰ συνεχίσῃ τὸν ἀγῶνα μέχρι τῆς πλήρους δικαιώσεως. Ἐπίσης ἀνεκοίνωσεν ὅτι θὰ συγκληθῇ ἔκτακτος γενικὴ συνέλευσις.

Εἰς τὰς ἐπαρχίας αἱ διοικήσεις τῶν συλλόγων συνεδρίασαν καὶ ἐξέδωσαν ἀνακοινώσεις διὰ τῶν ὁποίων δηλοῦν ὅτι συμφωνοῦν μὲ τὰς ἀποφάσεις.

Κατὰ τὰς πληροφορίας, ἡ κυβέρνησις θὰ καταθέσῃ νομοσχέδιον διὰ τὴν ρύθμισιν τῶν θεμάτων τοῦ ἰατρικοῦ κόσμου, τὸ ὁποῖον θὰ ἀπαντᾷ εἰς τὰ βασικὰ αἰτήματα.

Ἡ Πανελλήνιος Ἰατρικὴ Ὁμοσπονδία ἐδήλωσεν ὅτι θὰ ἀναμείνῃ τὴν κατάθεσιν τοῦ νομοσχεδίου πρὶν λάβῃ ἀποφάσεις.

ΕΨΗΦΙΣΘΗ ΤΟ ΝΟΜΟΣΧΕΔΙΟΝ ΠΕΡΙ ΟΜΟΛΟΓΙΩΝ ΠΡΟΣ ΕΞΟΦΛΗΣΙΝ ΤΩΝ ΠΡΟΗΓΟΥΜΕΝΩΝ ΟΦΕΙΛΩΝ

ΑΘΗΝΑΙ, 12.—Κατὰ τὴν ψηφοφορίαν ἐψηφίσθη ὑπὸ τῆς Βουλῆς τὸ νομοσχέδιον περὶ ὁμολογιῶν πρὸς ἐξόφλησιν τῶν προηγουμένων ὀφειλῶν τοῦ Δημοσίου. Κατὰ τὴν συζήτησιν ὡμίλησαν ὁ ὑπουργὸς Οἰκονομικῶν κ. Ν. Κωτσιάνης καὶ οἱ εἰσηγηταὶ τῶν κομμάτων.

Ὁ ὑπουργὸς ἐτόνισεν ὅτι διὰ τοῦ νομοσχεδίου ἐξασφαλίζεται ἡ ἐξόφλησις τῶν ὀφειλῶν πρὸς τοὺς δικαιούχους καὶ ἀποκαθίσταται ἡ ἐμπιστοσύνη πρὸς τὸ Δημόσιον.

Ὁ εἰσηγητὴς τῆς Ε.Δ.Α. κ. Ἐφραιμίδης ἐπέκρινε τὸ νομοσχέδιον, ὑποστηρίξας ὅτι δὲν ἐξυπηρετεῖ τὰ συμφέροντα τῶν μικρῶν δικαιούχων. Ὁ εἰσηγητὴς τῆς πλειοψηφίας κ. Παπαγεωργίου ὑπεστήριξε τὸ νομοσχέδιον.

Ἐπίσης ὡμίλησαν οἱ βουλευταὶ κ.κ. Μητσοτάκης, Ζαΐμης, Ἀνδρουτσόπουλος καὶ ἄλλοι. Ὁ κ. Ἐφραιμίδης ἐζήτησε τὴν τροποποίησιν ὡρισμένων ἄρθρων.

Τέλος, τὸ νομοσχέδιον ἐψηφίσθη κατ' ἄρθρον καὶ ἐν συνόλῳ. Ἡ Βουλὴ θὰ συνέλθῃ αὔριον διὰ τὴν συζήτησιν ἄλλων νομοσχεδίων.

Ἐν τῷ μεταξὺ ὁ ὑπουργὸς ἀνεκοίνωσεν ὅτι αἱ ὁμολογίαι θὰ ἐκδοθοῦν ἐντὸς τοῦ προσεχοῦς μηνός.

ΟΙ ΚΕΡΔΙΖΟΝΤΕΣ ΑΡΙΘΜΟΙ ΤΟΥ ΛΑΪΚΟΥ ΛΑΧΕΙΟΥ

ΑΘΗΝΑΙ, 11.—Κατὰ τὴν γενομένην σήμερον κλήρωσιν τοῦ Λαϊκοῦ Λαχείου ἐξήχθησαν οἱ κάτωθι ἀριθμοί, κερδίζοντες τὰ ἀντίστοιχα ποσά.

Ὁ ἀριθμὸς 49309 κερδίζει 500.000 δρχ.

Ὁ ἀριθμὸς 17260 κερδίζει 100.000 δρχ.

Ὁ ἀριθμὸς 7287 κερδίζει 50.000 δρχ.

86414  46209  74928  15723  84227
87332  36299  18206  37723   7224
63229  52187  54582  78380  78806
37456  11741  65663  81930  78396
49842  47086  48428  68426  59009
47921  69498  65781  24958   1143
15486  16622  78442  34208  59997
71480  70029  14166  17339  71032
5212  42104  74302  70219   4857
27922  68270  31681  57974  36448
70661  23543  11837  69880  50711
31520  66420  87562  43580   8365
82179  85100  21798  71646  15165
54804   4046  48857  55464   5461
45260  60863  23977  41457  19083
7675  74531  56209  82639   3565
31323  18953  43644  70509  31700
53850  32850  68963  71266  44429
78826  43977  53330   9371   9065
7637  75683   3613  33431  47844

ΠΡΟΣΚΛΗΣΙΣ ΔΙΚΑΙΟΥΧΩΝ ΤΟΥ ΟΙΚΙΣΜΟΥ ΒΟΤΣΗ

Ὑπὸ τῆς ἐπιτροπῆς τοῦ Οἰκισμοῦ Βότση καλοῦνται οἱ κάτωθι δικαιοῦχοι ὅπως προσέλθουν εἰς τὰ γραφεῖα τῆς ἐπιτροπῆς, ὁδὸς Πειραιῶς 24, πρὸς παραλαβὴν τῶν συμβολαίων των.

Μπάκαλης Γεώργ., Παπαδόπουλος Ἰω., Κωνσταντινίδης Δημ., Σταμάτης Νικ., Παπαγεωργίου Ἀθ., Καραγιάννης Βασ., Ἀλεξίου Κων., Νικολάου Ἐμμ., Δημητρίου Σπ., Οἰκονόμου Χαρ., Λαμπράκης Γεώρ., Ἰωάννου Ἀντ., Παπανικολάου Εὐστ., Σταυρόπουλος Ἠλ., Χριστοδούλου Μιχ., Κυριακίδης Παν.

Οἱ δικαιοῦχοι ὀφείλουν νὰ προσκομίσουν τὰ ἀπαιτούμενα δικαιολογητικά.

ΜΙΚΡΑΙ ΕΙΔΗΣΕΙΣ ΕΞ ΑΘΗΝΩΝ ΧΩΡΙΣ ΤΙΤΛΟΝ

ΑΘΗΝΑΙ, 11.—Τὸ Διοικητικὸν Συμβούλιον τοῦ Συνδέσμου Βιομηχάνων ἀπεφάσισε τὴν ἀποστολὴν ὑπομνήματος πρὸς τὸ ὑπουργεῖον Συντονισμοῦ.

—Εἰς τὸ Ἐθνικὸν Θέατρον ἐδόθη χθὲς ἡ πρεμιέρα τοῦ ἔργου μὲ μεγάλην ἐπιτυχίαν.

—Ἡ Ἀστυνομία Πόλεων συνέλαβε χθὲς δύο νεαροὺς οἱ ὁποῖοι διέπραξαν κλοπὰς εἰς καταστήματα τοῦ κέντρου.

—Ἀπεφασίσθη ἡ ἐπέκτασις τοῦ δικτύου ὑδρεύσεως εἰς τὰς συνοικίας τῶν Ἀθηνῶν.

—Ἀποφάσει τοῦ ὑπουργοῦ Παιδείας θὰ ἱδρυθοῦν νέα σχολεῖα εἰς τὰς ἐπαρχίας.

—Εἰς τὸ κέντρον τῶν Ἀθηνῶν ἐσημειώθη χθὲς τροχαῖον ἀτύχημα, ἐκ τοῦ ὁποίου ἐτραυματίσθησαν ἐλαφρῶς δύο πεζοί.

—Τὴν προσεχῆ Κυριακὴν θὰ γίνῃ ἡ ἐτησία συνέλευσις τοῦ Συλλόγου τῶν Ἠπειρωτῶν.

—Ὁ Ὀργανισμὸς Λιμένος Πειραιῶς ἀνεκοίνωσε τὴν ἐκτέλεσιν νέων ἔργων.

ΜΙΚΡΑΙ ΕΓΧΩΡΙΟΙ ΕΙΔΗΣΕΙΣ ΧΩΡΙΣ ΤΙΤΛΟΝ

ΚΟΖΑΝΗ, 11.—Ὑπὸ τοῦ Ἱεροῦ Ναοῦ Ἁγίου Νικολάου ἐγένετο διανομὴ ἐνδυμάτων εἰς τοὺς ἀπόρους τῆς πόλεως.

—ΤΡΙΚΑΛΑ, 11.—Ἐγένοντο τὰ ἐγκαίνια τῆς νέας γεφύρας ἐπὶ τοῦ ποταμοῦ Ληθαίου παρουσίᾳ τοῦ ὑπουργοῦ Δημοσίων Ἔργων.

—ΚΑΛΑΜΑΤΑ, 11.—Ὁ Δῆμος Καλαμάτας ἀπεφάσισε τὴν ἀνέγερσιν νέου δημοτικοῦ θεάτρου.

—ΠΑΤΡΑΙ, 11.—Τὴν προσεχῆ ἑβδομάδα ἀρχίζει τὸ καρναβάλι τῶν Πατρῶν μὲ πλούσιον πρόγραμμα ἐκδηλώσεων.

—ΛΑΡΙΣΑ, 11.—Ἡ Ἕνωσις Γεωργικῶν Συνεταιρισμῶν ἐζήτησε τὴν ἐνίσχυσιν τῶν παραγωγῶν σίτου.

—ΙΩΑΝΝΙΝΑ, 11.—Ἐγένετο ἡ ἐπέτειος τῆς ἀπελευθερώσεως τῆς πόλεως.
